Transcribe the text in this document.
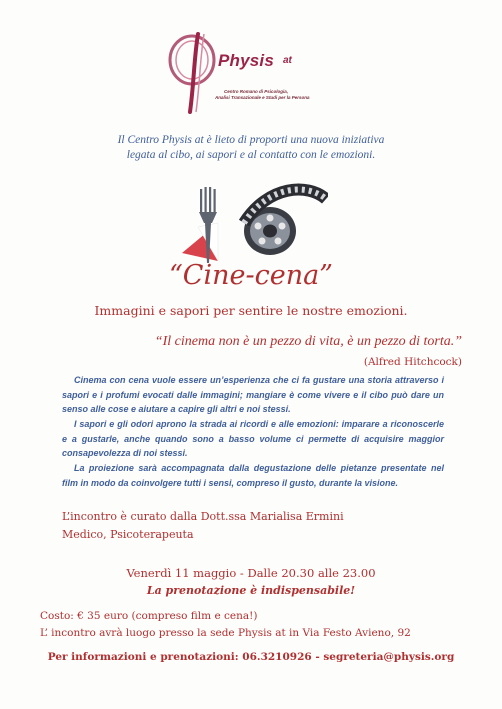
Physis at
Centro Romano di Psicologia,
Analisi Transazionale e Studi per la Persona
Il Centro Physis at è lieto di proporti una nuova iniziativa
legata al cibo, ai sapori e al contatto con le emozioni.
“Cine-cena”
Immagini e sapori per sentire le nostre emozioni.
“Il cinema non è un pezzo di vita, è un pezzo di torta.”
(Alfred Hitchcock)
Cinema con cena vuole essere un’esperienza che ci fa gustare una storia attraverso i sapori e i profumi evocati dalle immagini; mangiare è come vivere e il cibo può dare un senso alle cose e aiutare a capire gli altri e noi stessi.
I sapori e gli odori aprono la strada ai ricordi e alle emozioni: imparare a riconoscerle e a gustarle, anche quando sono a basso volume ci permette di acquisire maggior consapevolezza di noi stessi.
La proiezione sarà accompagnata dalla degustazione delle pietanze presentate nel film in modo da coinvolgere tutti i sensi, compreso il gusto, durante la visione.
L’incontro è curato dalla Dott.ssa Marialisa Ermini
Medico, Psicoterapeuta
Venerdì 11 maggio - Dalle 20.30 alle 23.00
La prenotazione è indispensabile!
Costo: € 35 euro (compreso film e cena!)
L’ incontro avrà luogo presso la sede Physis at in Via Festo Avieno, 92
Per informazioni e prenotazioni: 06.3210926 - segreteria@physis.org
